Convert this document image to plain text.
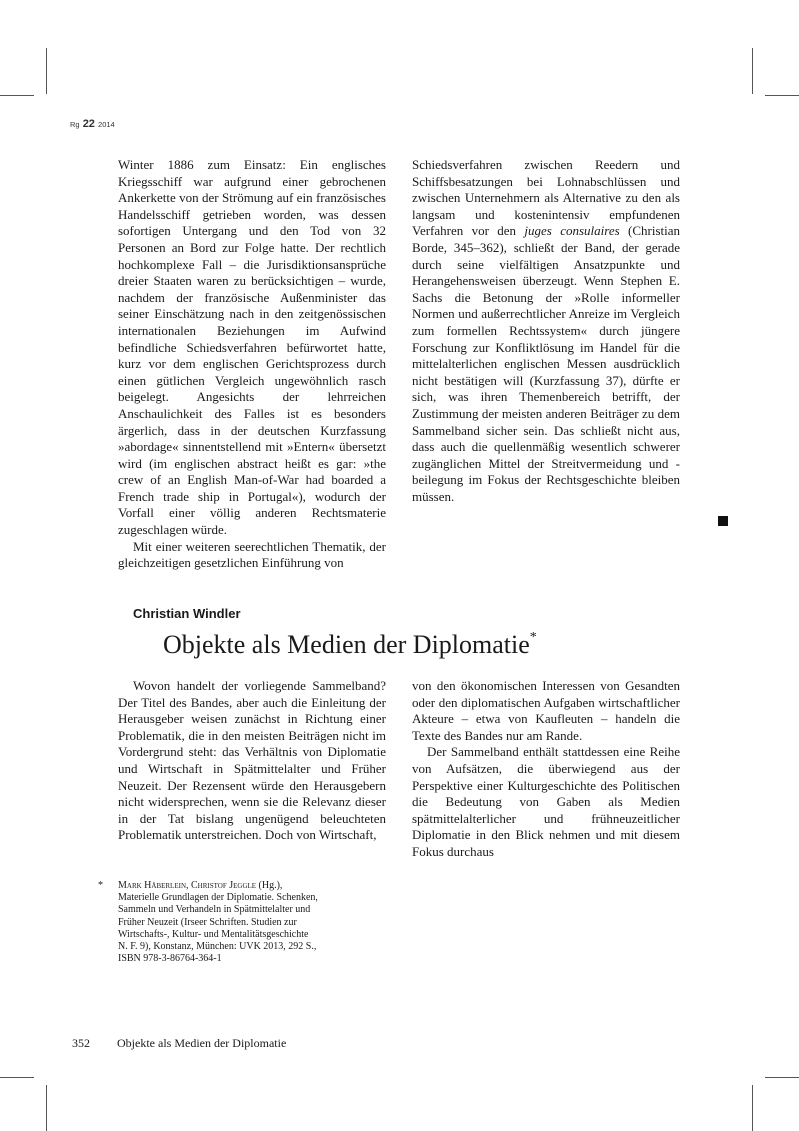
Rg 22 2014

Winter 1886 zum Einsatz: Ein englisches Kriegsschiff war aufgrund einer gebrochenen Ankerkette von der Strömung auf ein französisches Handelsschiff getrieben worden, was dessen sofortigen Untergang und den Tod von 32 Personen an Bord zur Folge hatte. Der rechtlich hochkomplexe Fall – die Jurisdiktionsansprüche dreier Staaten waren zu berücksichtigen – wurde, nachdem der französische Außenminister das seiner Einschätzung nach in den zeitgenössischen internationalen Beziehungen im Aufwind befindliche Schiedsverfahren befürwortet hatte, kurz vor dem englischen Gerichtsprozess durch einen gütlichen Vergleich ungewöhnlich rasch beigelegt. Angesichts der lehrreichen Anschaulichkeit des Falles ist es besonders ärgerlich, dass in der deutschen Kurzfassung »abordage« sinnentstellend mit »Entern« übersetzt wird (im englischen abstract heißt es gar: »the crew of an English Man-of-War had boarded a French trade ship in Portugal«), wodurch der Vorfall einer völlig anderen Rechtsmaterie zugeschlagen würde.

Mit einer weiteren seerechtlichen Thematik, der gleichzeitigen gesetzlichen Einführung von

Schiedsverfahren zwischen Reedern und Schiffsbesatzungen bei Lohnabschlüssen und zwischen Unternehmern als Alternative zu den als langsam und kostenintensiv empfundenen Verfahren vor den juges consulaires (Christian Borde, 345–362), schließt der Band, der gerade durch seine vielfältigen Ansatzpunkte und Herangehensweisen überzeugt. Wenn Stephen E. Sachs die Betonung der »Rolle informeller Normen und außerrechtlicher Anreize im Vergleich zum formellen Rechtssystem« durch jüngere Forschung zur Konfliktlösung im Handel für die mittelalterlichen englischen Messen ausdrücklich nicht bestätigen will (Kurzfassung 37), dürfte er sich, was ihren Themenbereich betrifft, der Zustimmung der meisten anderen Beiträger zu dem Sammelband sicher sein. Das schließt nicht aus, dass auch die quellenmäßig wesentlich schwerer zugänglichen Mittel der Streitvermeidung und -beilegung im Fokus der Rechtsgeschichte bleiben müssen.

Christian Windler
Objekte als Medien der Diplomatie*

Wovon handelt der vorliegende Sammelband? Der Titel des Bandes, aber auch die Einleitung der Herausgeber weisen zunächst in Richtung einer Problematik, die in den meisten Beiträgen nicht im Vordergrund steht: das Verhältnis von Diplomatie und Wirtschaft in Spätmittelalter und Früher Neuzeit. Der Rezensent würde den Herausgebern nicht widersprechen, wenn sie die Relevanz dieser in der Tat bislang ungenügend beleuchteten Problematik unterstreichen. Doch von Wirtschaft,

von den ökonomischen Interessen von Gesandten oder den diplomatischen Aufgaben wirtschaftlicher Akteure – etwa von Kaufleuten – handeln die Texte des Bandes nur am Rande.

Der Sammelband enthält stattdessen eine Reihe von Aufsätzen, die überwiegend aus der Perspektive einer Kulturgeschichte des Politischen die Bedeutung von Gaben als Medien spätmittelalterlicher und frühneuzeitlicher Diplomatie in den Blick nehmen und mit diesem Fokus durchaus

* Mark Häberlein, Christof Jeggle (Hg.), Materielle Grundlagen der Diplomatie. Schenken, Sammeln und Verhandeln in Spätmittelalter und Früher Neuzeit (Irseer Schriften. Studien zur Wirtschafts-, Kultur- und Mentalitätsgeschichte N. F. 9), Konstanz, München: UVK 2013, 292 S., ISBN 978-3-86764-364-1
352 Objekte als Medien der Diplomatie
